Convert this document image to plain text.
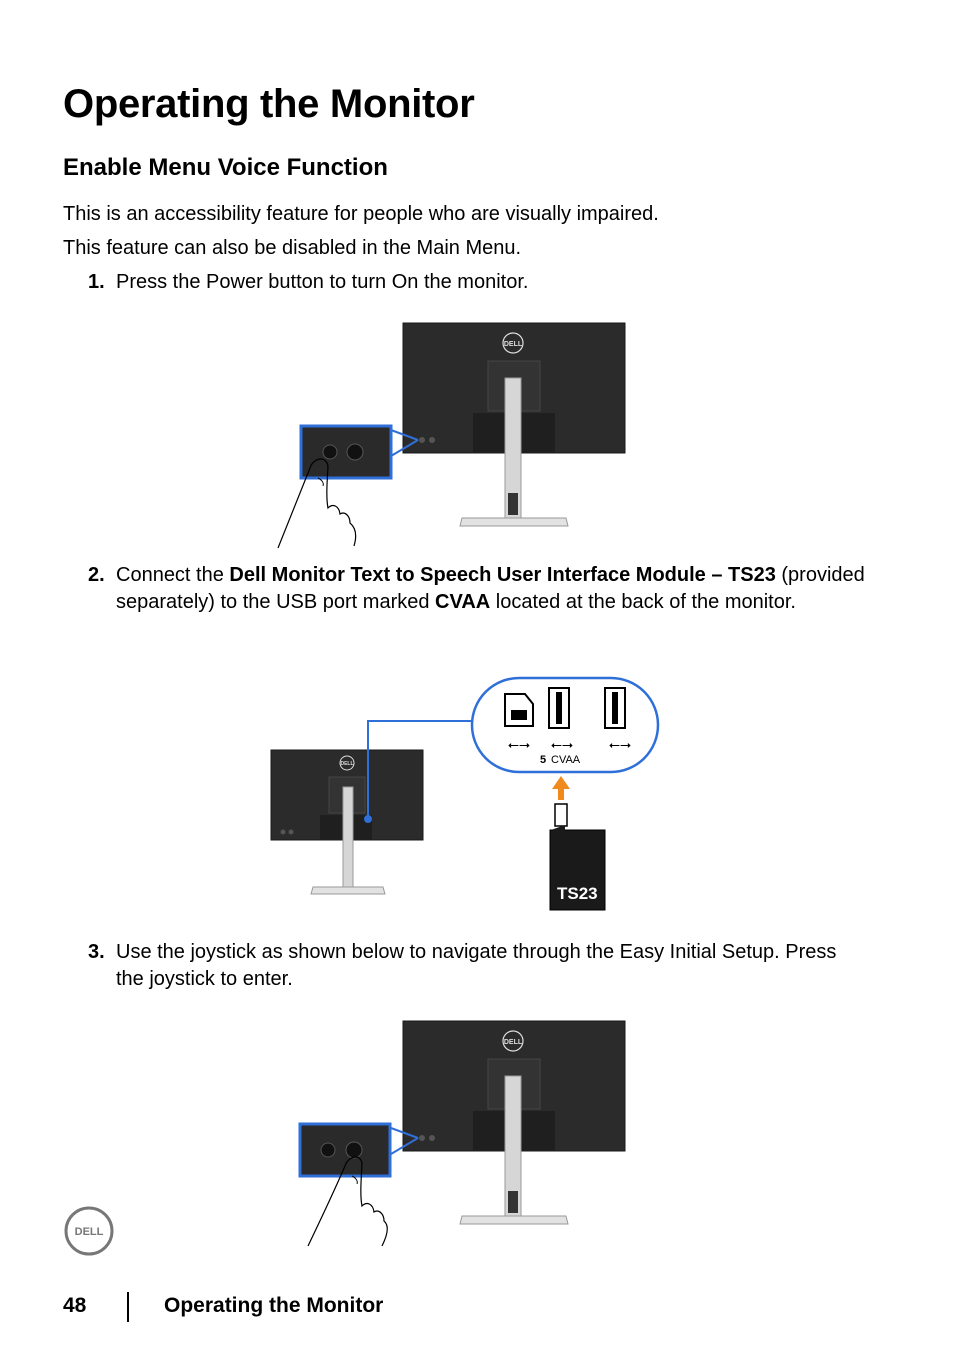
Operating the Monitor
Enable Menu Voice Function
This is an accessibility feature for people who are visually impaired.
This feature can also be disabled in the Main Menu.
1. Press the Power button to turn On the monitor.
DELL
2. Connect the Dell Monitor Text to Speech User Interface Module – TS23 (provided separately) to the USB port marked CVAA located at the back of the monitor.
DELL
⭠⭢ ⭠⭢	⭠⭢
5 CVAA
TS23
3. Use the joystick as shown below to navigate through the Easy Initial Setup. Press the joystick to enter.
DELL
DELL
48	Operating the Monitor
